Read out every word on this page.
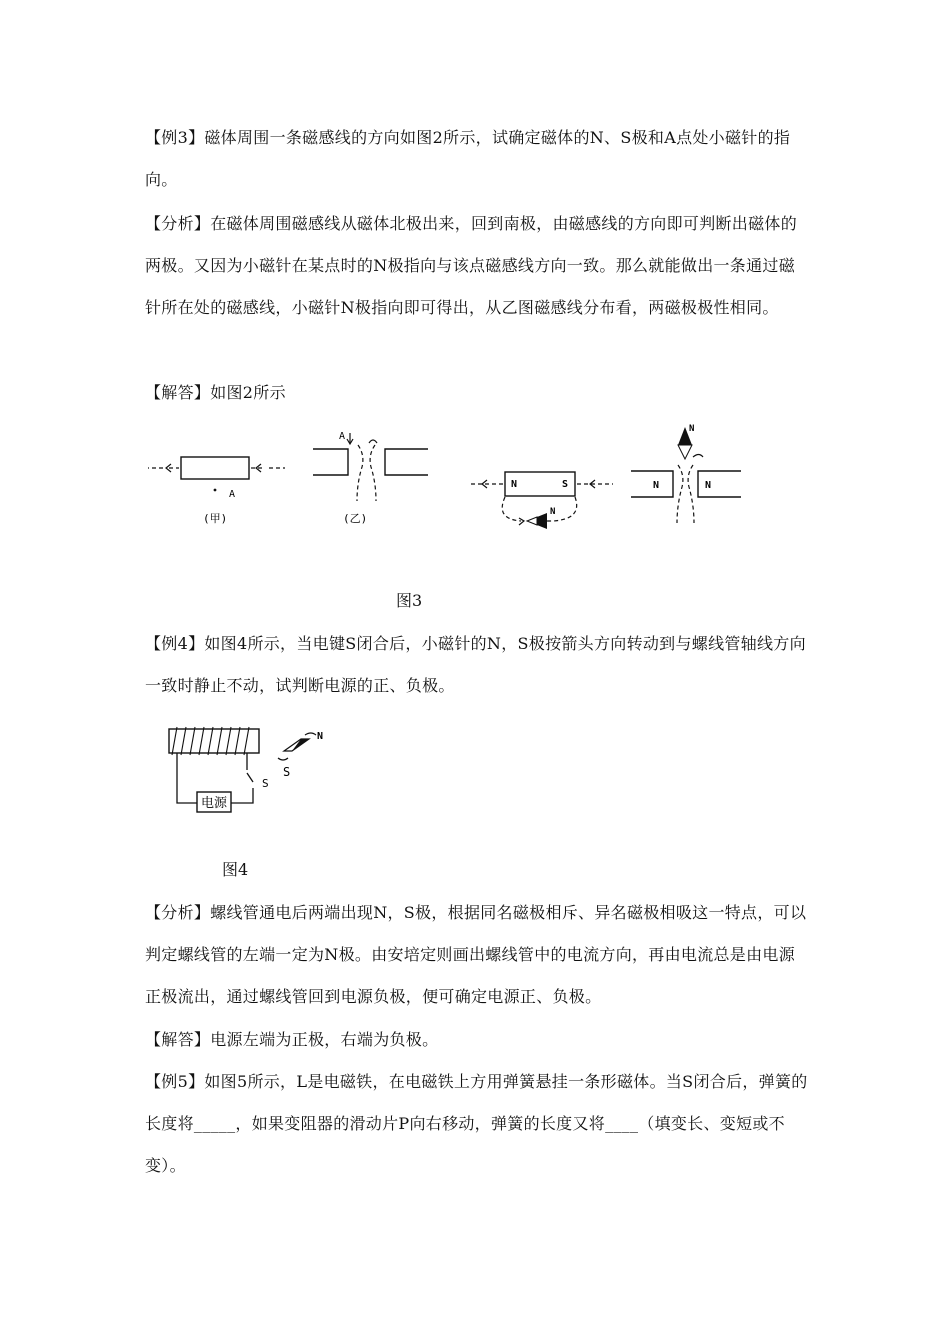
【例3】磁体周围一条磁感线的方向如图2所示，试确定磁体的N、S极和A点处小磁针的指向。
【分析】在磁体周围磁感线从磁体北极出来，回到南极，由磁感线的方向即可判断出磁体的两极。又因为小磁针在某点时的N极指向与该点磁感线方向一致。那么就能做出一条通过磁针所在处的磁感线，小磁针N极指向即可得出，从乙图磁感线分布看，两磁极极性相同。
【解答】如图2所示
A
(甲)
A
(乙)
N	S
N
N	N
N
图3
【例4】如图4所示，当电键S闭合后，小磁针的N，S极按箭头方向转动到与螺线管轴线方向一致时静止不动，试判断电源的正、负极。
电源
S
N
S
图4
【分析】螺线管通电后两端出现N，S极，根据同名磁极相斥、异名磁极相吸这一特点，可以判定螺线管的左端一定为N极。由安培定则画出螺线管中的电流方向，再由电流总是由电源正极流出，通过螺线管回到电源负极，便可确定电源正、负极。
【解答】电源左端为正极，右端为负极。
【例5】如图5所示，L是电磁铁，在电磁铁上方用弹簧悬挂一条形磁体。当S闭合后，弹簧的长度将_____，如果变阻器的滑动片P向右移动，弹簧的长度又将____（填变长、变短或不变）。
